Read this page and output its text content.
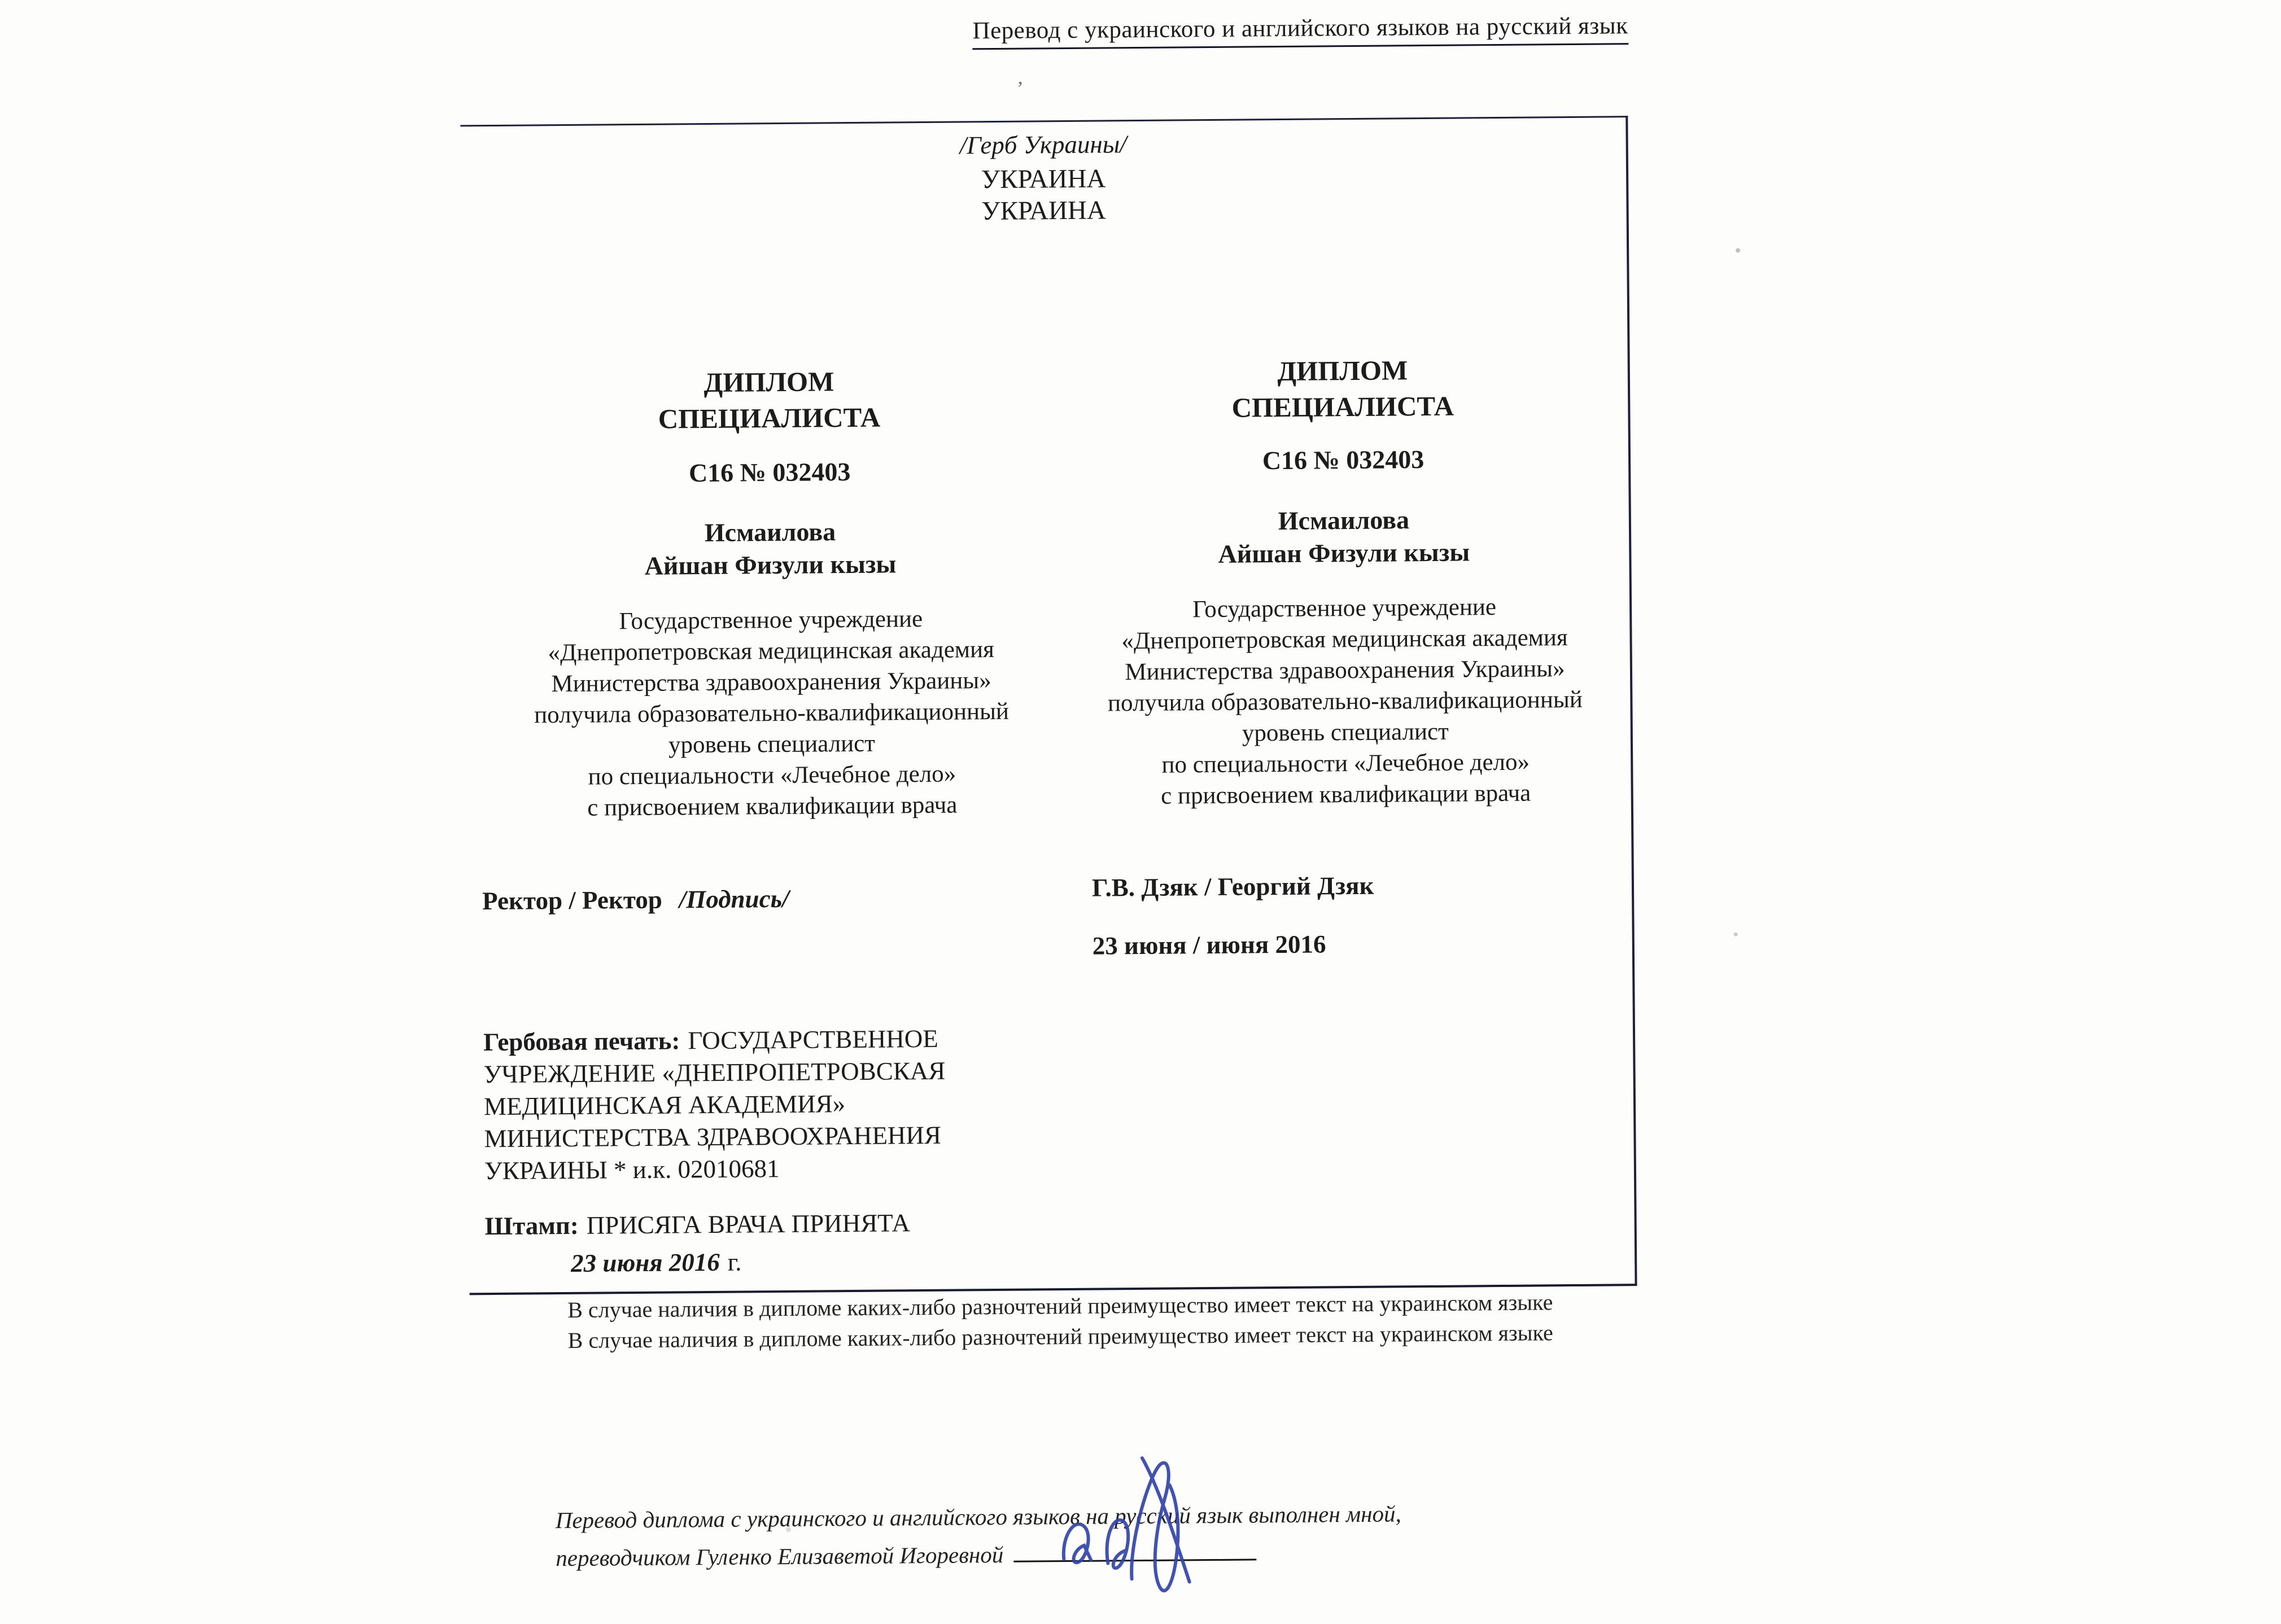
Перевод с украинского и английского языков на русский язык
/Герб Украины/
УКРАИНА
УКРАИНА
ДИПЛОМ
СПЕЦИАЛИСТА
С16 № 032403
Исмаилова
Айшан Физули кызы
Государственное учреждение
«Днепропетровская медицинская академия
Министерства здравоохранения Украины»
получила образовательно-квалификационный
уровень специалист
по специальности «Лечебное дело»
с присвоением квалификации врача
Ректор / Ректор /Подпись/
Гербовая печать: ГОСУДАРСТВЕННОЕ
УЧРЕЖДЕНИЕ «ДНЕПРОПЕТРОВСКАЯ
МЕДИЦИНСКАЯ АКАДЕМИЯ»
МИНИСТЕРСТВА ЗДРАВООХРАНЕНИЯ
УКРАИНЫ * и.к. 02010681
Штамп: ПРИСЯГА ВРАЧА ПРИНЯТА
23 июня 2016 г.
ДИПЛОМ
СПЕЦИАЛИСТА
С16 № 032403
Исмаилова
Айшан Физули кызы
Государственное учреждение
«Днепропетровская медицинская академия
Министерства здравоохранения Украины»
получила образовательно-квалификационный
уровень специалист
по специальности «Лечебное дело»
с присвоением квалификации врача
Г.В. Дзяк / Георгий Дзяк
23 июня / июня 2016
В случае наличия в дипломе каких-либо разночтений преимущество имеет текст на украинском языке
В случае наличия в дипломе каких-либо разночтений преимущество имеет текст на украинском языке
Перевод диплома с украинского и английского языков на русский язык выполнен мной,
переводчиком Гуленко Елизаветой Игоревной
’
